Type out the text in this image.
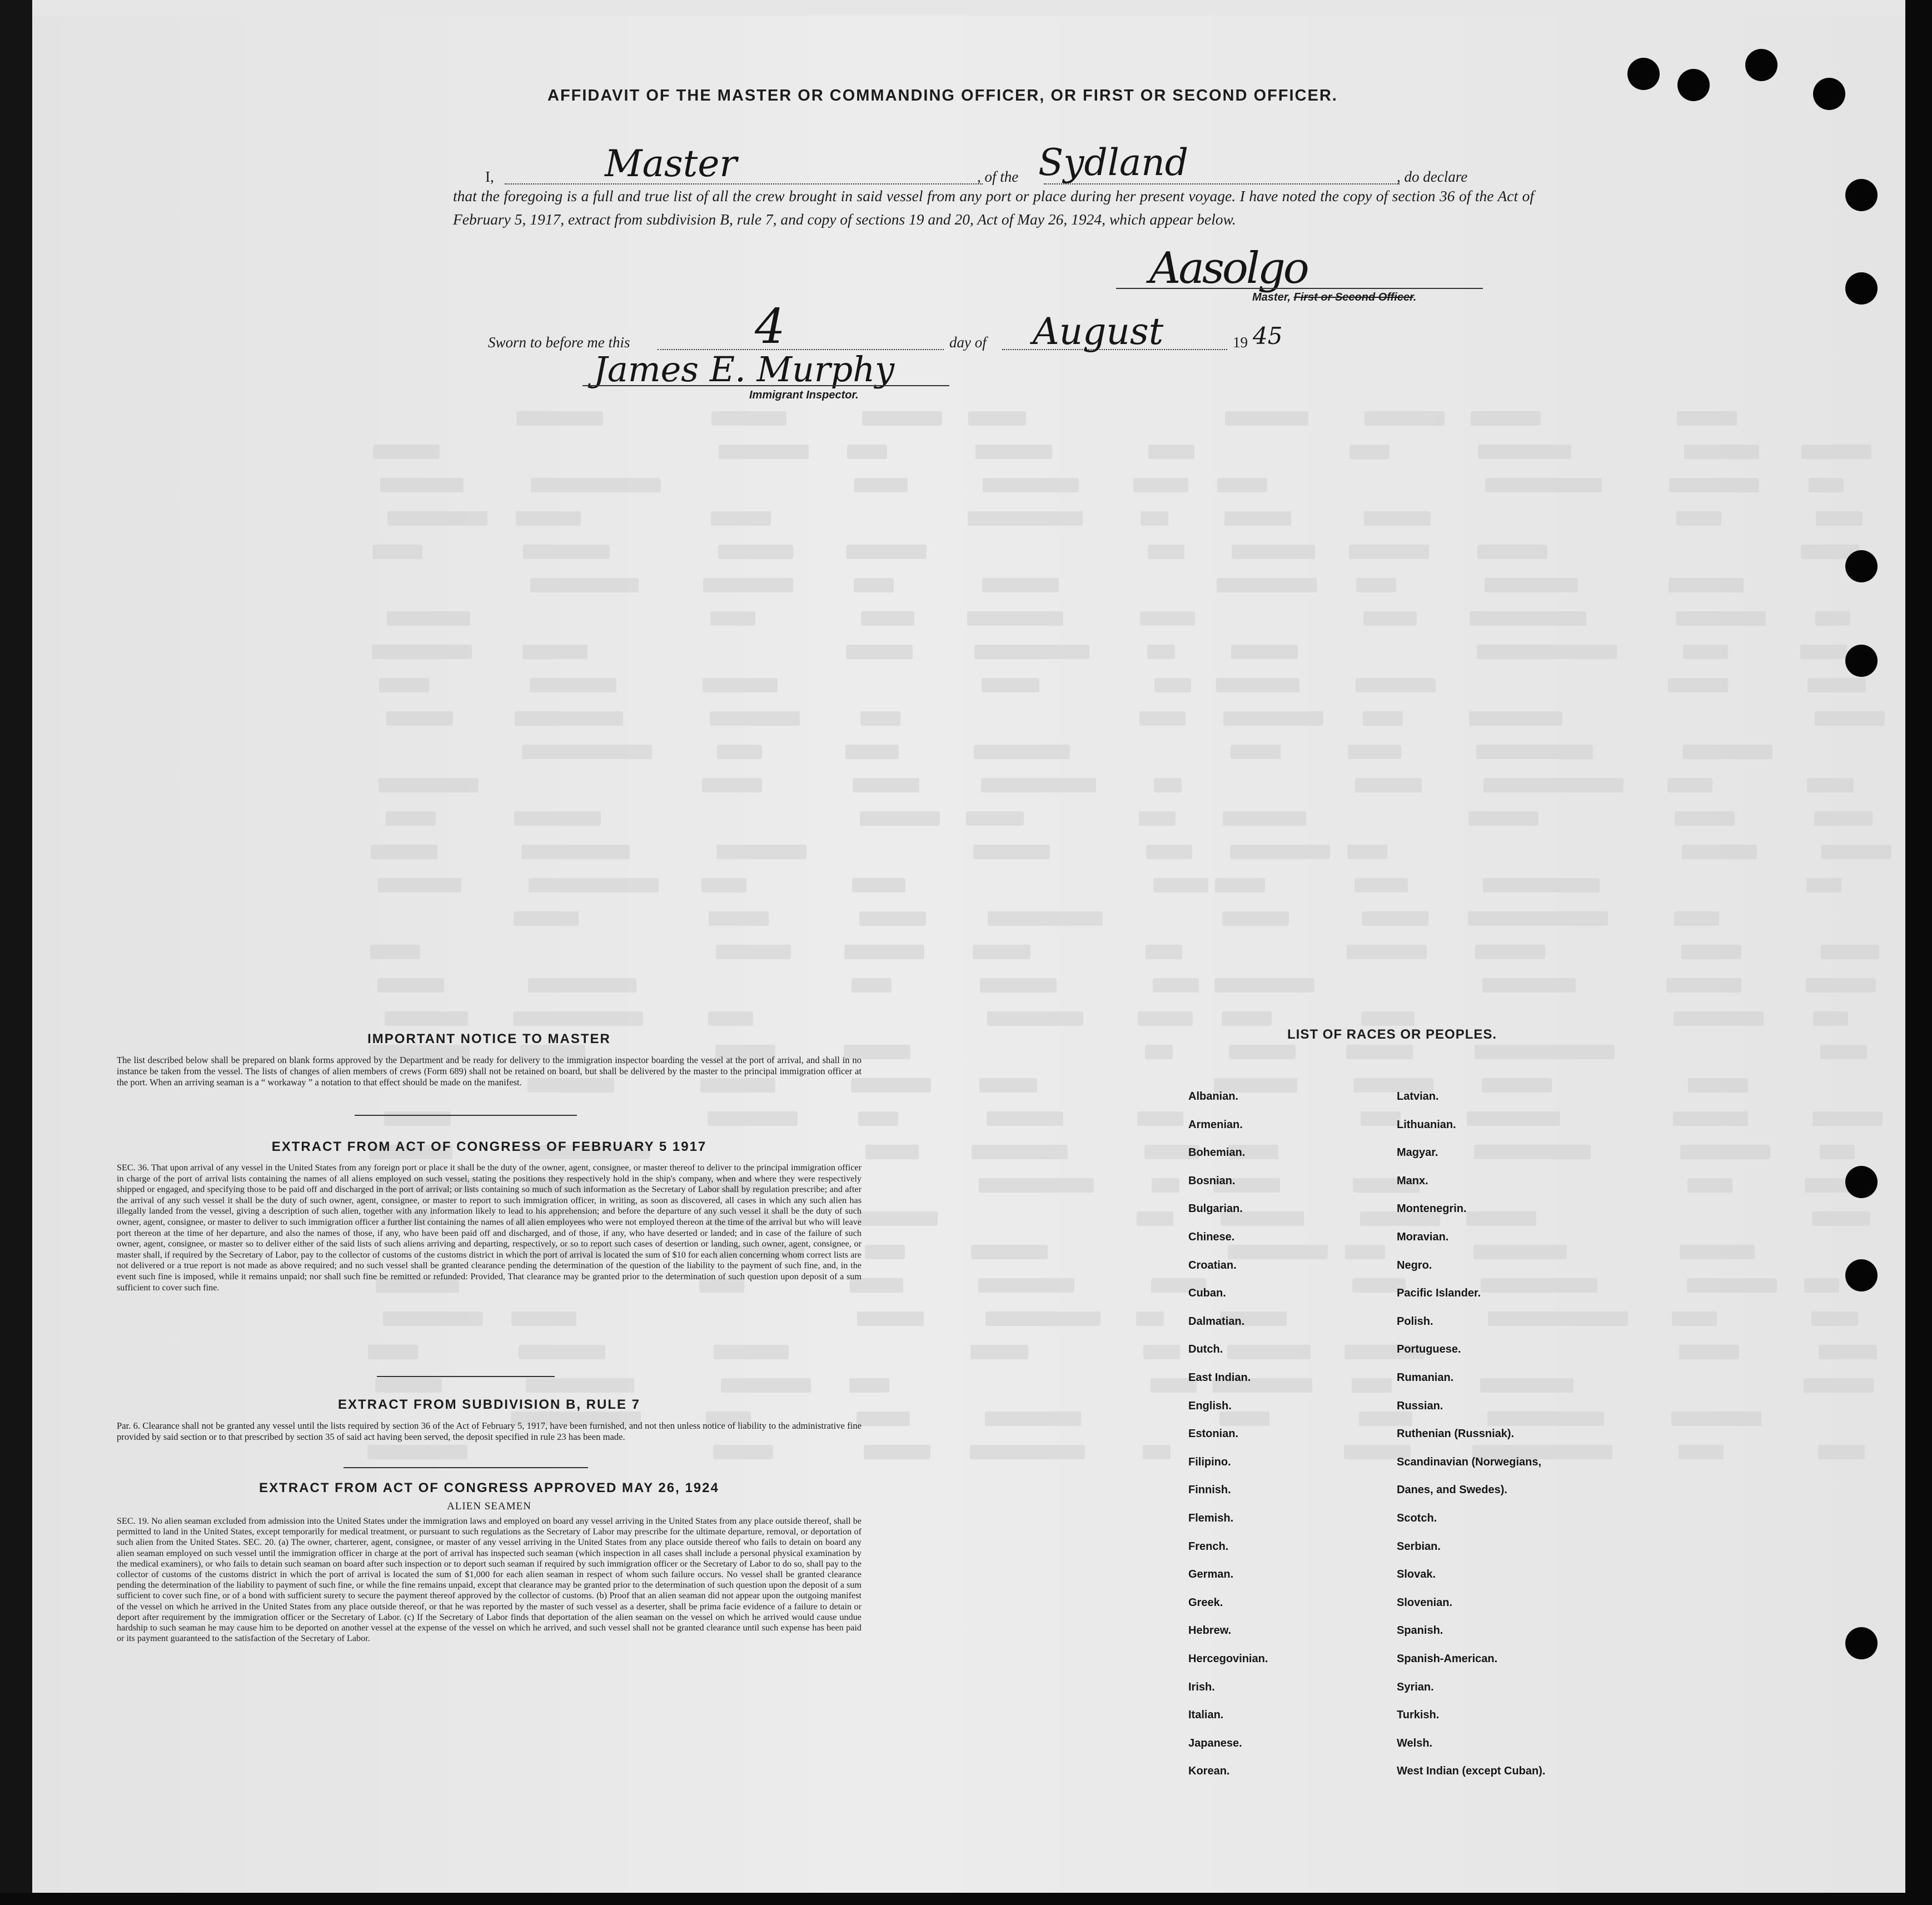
AFFIDAVIT OF THE MASTER OR COMMANDING OFFICER, OR FIRST OR SECOND OFFICER.
I,	Master	, of the Sydland	, do declare
that the foregoing is a full and true list of all the crew brought in said vessel from any port or place during her present voyage. I have noted the copy of section 36 of the Act of February 5, 1917, extract from subdivision B, rule 7, and copy of sections 19 and 20, Act of May 26, 1924, which appear below.
Aasolgo
Master, First or Second Officer.
Sworn to before me this	4	day of August	19 45
James E. Murphy
Immigrant Inspector.
IMPORTANT NOTICE TO MASTER
The list described below shall be prepared on blank forms approved by the Department and be ready for delivery to the immigration inspector boarding the vessel at the port of arrival, and shall in no instance be taken from the vessel. The lists of changes of alien members of crews (Form 689) shall not be retained on board, but shall be delivered by the master to the principal immigration officer at the port. When an arriving seaman is a “ workaway ” a notation to that effect should be made on the manifest.
EXTRACT FROM ACT OF CONGRESS OF FEBRUARY 5 1917
SEC. 36. That upon arrival of any vessel in the United States from any foreign port or place it shall be the duty of the owner, agent, consignee, or master thereof to deliver to the principal immigration officer in charge of the port of arrival lists containing the names of all aliens employed on such vessel, stating the positions they respectively hold in the ship's company, when and where they were respectively shipped or engaged, and specifying those to be paid off and discharged in the port of arrival; or lists containing so much of such information as the Secretary of Labor shall by regulation prescribe; and after the arrival of any such vessel it shall be the duty of such owner, agent, consignee, or master to report to such immigration officer, in writing, as soon as discovered, all cases in which any such alien has illegally landed from the vessel, giving a description of such alien, together with any information likely to lead to his apprehension; and before the departure of any such vessel it shall be the duty of such owner, agent, consignee, or master to deliver to such immigration officer a further list containing the names of all alien employees who were not employed thereon at the time of the arrival but who will leave port thereon at the time of her departure, and also the names of those, if any, who have been paid off and discharged, and of those, if any, who have deserted or landed; and in case of the failure of such owner, agent, consignee, or master so to deliver either of the said lists of such aliens arriving and departing, respectively, or so to report such cases of desertion or landing, such owner, agent, consignee, or master shall, if required by the Secretary of Labor, pay to the collector of customs of the customs district in which the port of arrival is located the sum of $10 for each alien concerning whom correct lists are not delivered or a true report is not made as above required; and no such vessel shall be granted clearance pending the determination of the question of the liability to the payment of such fine, and, in the event such fine is imposed, while it remains unpaid; nor shall such fine be remitted or refunded: Provided, That clearance may be granted prior to the determination of such question upon deposit of a sum sufficient to cover such fine.
EXTRACT FROM SUBDIVISION B, RULE 7
Par. 6. Clearance shall not be granted any vessel until the lists required by section 36 of the Act of February 5, 1917, have been furnished, and not then unless notice of liability to the administrative fine provided by said section or to that prescribed by section 35 of said act having been served, the deposit specified in rule 23 has been made.
EXTRACT FROM ACT OF CONGRESS APPROVED MAY 26, 1924
ALIEN SEAMEN
SEC. 19. No alien seaman excluded from admission into the United States under the immigration laws and employed on board any vessel arriving in the United States from any place outside thereof, shall be permitted to land in the United States, except temporarily for medical treatment, or pursuant to such regulations as the Secretary of Labor may prescribe for the ultimate departure, removal, or deportation of such alien from the United States. SEC. 20. (a) The owner, charterer, agent, consignee, or master of any vessel arriving in the United States from any place outside thereof who fails to detain on board any alien seaman employed on such vessel until the immigration officer in charge at the port of arrival has inspected such seaman (which inspection in all cases shall include a personal physical examination by the medical examiners), or who fails to detain such seaman on board after such inspection or to deport such seaman if required by such immigration officer or the Secretary of Labor to do so, shall pay to the collector of customs of the customs district in which the port of arrival is located the sum of $1,000 for each alien seaman in respect of whom such failure occurs. No vessel shall be granted clearance pending the determination of the liability to payment of such fine, or while the fine remains unpaid, except that clearance may be granted prior to the determination of such question upon the deposit of a sum sufficient to cover such fine, or of a bond with sufficient surety to secure the payment thereof approved by the collector of customs. (b) Proof that an alien seaman did not appear upon the outgoing manifest of the vessel on which he arrived in the United States from any place outside thereof, or that he was reported by the master of such vessel as a deserter, shall be prima facie evidence of a failure to detain or deport after requirement by the immigration officer or the Secretary of Labor. (c) If the Secretary of Labor finds that deportation of the alien seaman on the vessel on which he arrived would cause undue hardship to such seaman he may cause him to be deported on another vessel at the expense of the vessel on which he arrived, and such vessel shall not be granted clearance until such expense has been paid or its payment guaranteed to the satisfaction of the Secretary of Labor.
LIST OF RACES OR PEOPLES.
Albanian.
Armenian.
Bohemian.
Bosnian.
Bulgarian.
Chinese.
Croatian.
Cuban.
Dalmatian.
Dutch.
East Indian.
English.
Estonian.
Filipino.
Finnish.
Flemish.
French.
German.
Greek.
Hebrew.
Hercegovinian.
Irish.
Italian.
Japanese.
Korean.
Latvian.
Lithuanian.
Magyar.
Manx.
Montenegrin.
Moravian.
Negro.
Pacific Islander.
Polish.
Portuguese.
Rumanian.
Russian.
Ruthenian (Russniak).
Scandinavian (Norwegians,
Danes, and Swedes).
Scotch.
Serbian.
Slovak.
Slovenian.
Spanish.
Spanish-American.
Syrian.
Turkish.
Welsh.
West Indian (except Cuban).
